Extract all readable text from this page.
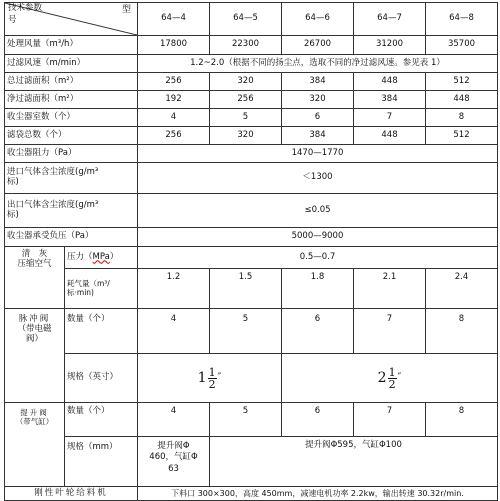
型
技术参数
号		64—4	64—5	64—6	64—7	64—8
处理风量（m³/h）		17800	22300	26700	31200	35700
过滤风速（m/min）		1.2~2.0（根据不同的扬尘点，选取不同的净过滤风速。参见表 1）				
总过滤面积（m²）		256	320	384	448	512
净过滤面积（m²）		192	256	320	384	448
收尘器室数（个）		4	5	6	7	8
滤袋总数（个）		256	320	384	448	512
收尘器阻力（Pa）		1470—1770				

进口气体含尘浓度(g/m³
标)		＜1300				

出口气体含尘浓度(g/m³
标)		≤0.05				
收尘器承受负压（Pa）		5000—9000				

清　灰
压缩空气	压力（MPa）	0.5—0.7				

	耗气量（m³/
标·min)	1.2	1.5	1.8	2.1	2.4

脉冲阀
（带电磁
阀）	数量（个）	4	5	6	7	8
	规格（英寸）	$1 \frac{1}{2}$ ″		$2 \frac{1}{2}$ ″		

提升阀
（带气缸）	数量（个）	4	5	6	7	8
	规格（mm）	提升阀Φ
460，气缸Φ
63	提升阀Φ595，气缸Φ100			
刚性叶轮给料机		下料口 300×300，高度 450mm，减速电机功率 2.2kw，输出转速 30.32r/min.				
